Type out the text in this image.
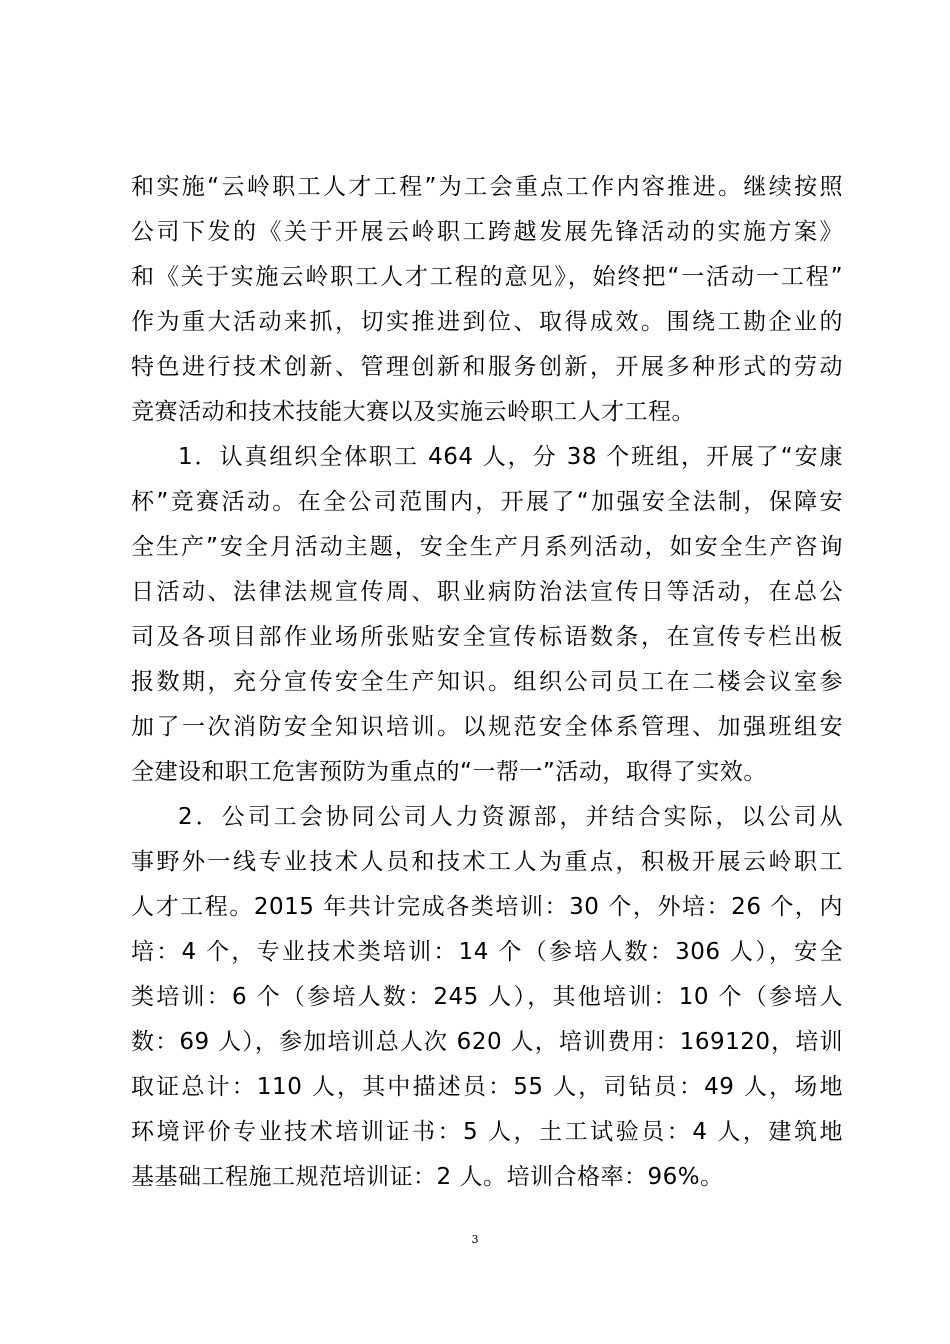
和实施“云岭职工人才工程”为工会重点工作内容推进。继续按照
公司下发的《关于开展云岭职工跨越发展先锋活动的实施方案》
和《关于实施云岭职工人才工程的意见》，始终把“一活动一工程”
作为重大活动来抓，切实推进到位、取得成效。围绕工勘企业的
特色进行技术创新、管理创新和服务创新，开展多种形式的劳动
竞赛活动和技术技能大赛以及实施云岭职工人才工程。
1．认真组织全体职工 464 人，分 38 个班组，开展了“安康
杯”竞赛活动。在全公司范围内，开展了“加强安全法制，保障安
全生产”安全月活动主题，安全生产月系列活动，如安全生产咨询
日活动、法律法规宣传周、职业病防治法宣传日等活动，在总公
司及各项目部作业场所张贴安全宣传标语数条，在宣传专栏出板
报数期，充分宣传安全生产知识。组织公司员工在二楼会议室参
加了一次消防安全知识培训。以规范安全体系管理、加强班组安
全建设和职工危害预防为重点的“一帮一”活动，取得了实效。
2．公司工会协同公司人力资源部，并结合实际，以公司从
事野外一线专业技术人员和技术工人为重点，积极开展云岭职工
人才工程。2015 年共计完成各类培训：30 个，外培：26 个，内
培：4 个，专业技术类培训：14 个（参培人数：306 人），安全
类培训：6 个（参培人数：245 人），其他培训：10 个（参培人
数：69 人），参加培训总人次 620 人，培训费用：169120，培训
取证总计：110 人，其中描述员：55 人，司钻员：49 人，场地
环境评价专业技术培训证书：5 人，土工试验员：4 人，建筑地
基基础工程施工规范培训证：2 人。培训合格率：96%。
3
